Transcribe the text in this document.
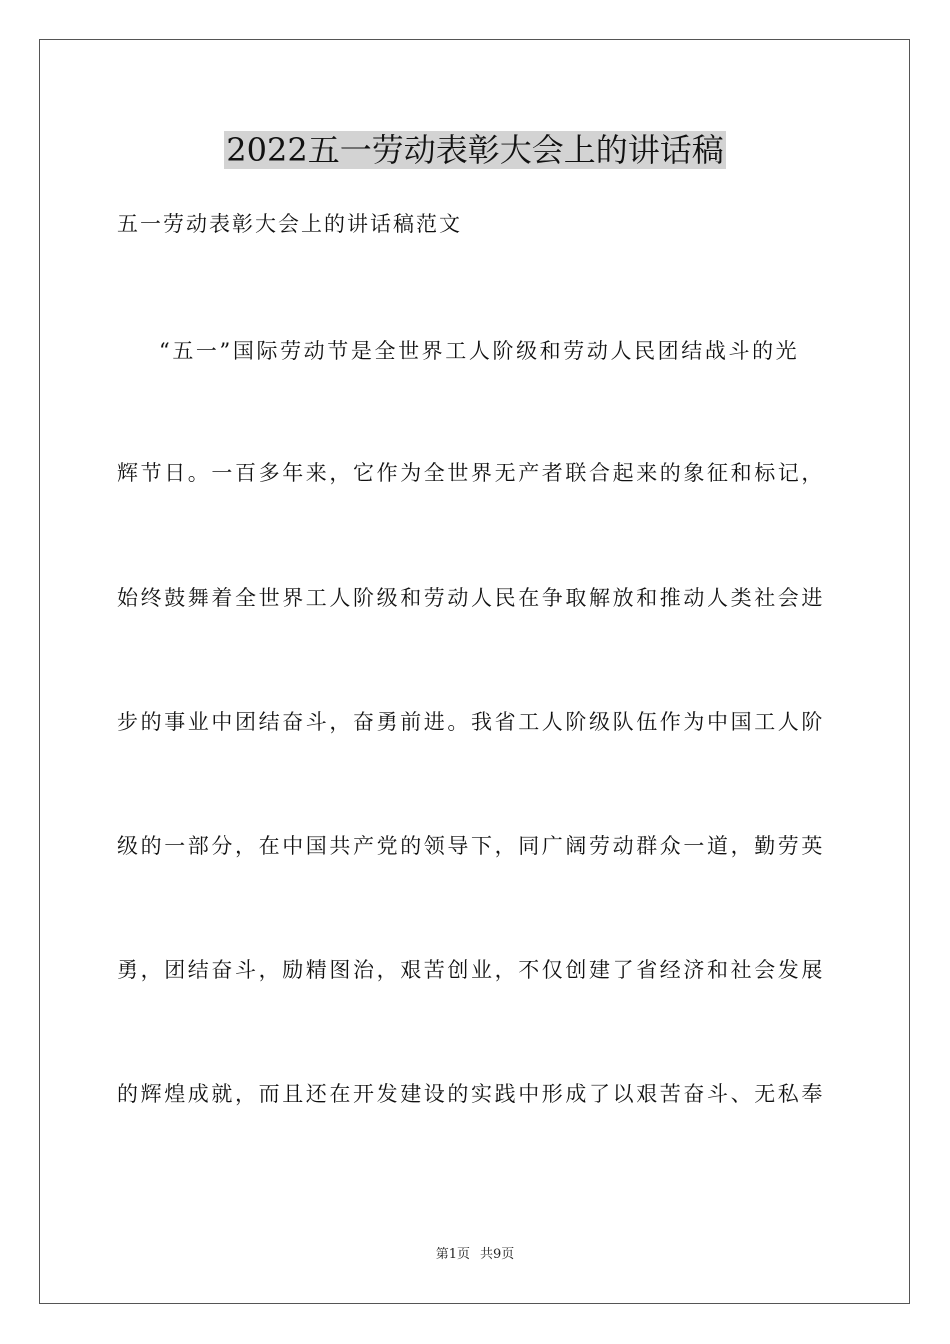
2022五一劳动表彰大会上的讲话稿

五一劳动表彰大会上的讲话稿范文

“五一”国际劳动节是全世界工人阶级和劳动人民团结战斗的光

辉节日。一百多年来，它作为全世界无产者联合起来的象征和标记，

始终鼓舞着全世界工人阶级和劳动人民在争取解放和推动人类社会进

步的事业中团结奋斗，奋勇前进。我省工人阶级队伍作为中国工人阶

级的一部分，在中国共产党的领导下，同广阔劳动群众一道，勤劳英

勇，团结奋斗，励精图治，艰苦创业，不仅创建了省经济和社会发展

的辉煌成就，而且还在开发建设的实践中形成了以艰苦奋斗、无私奉

第1页 共9页
